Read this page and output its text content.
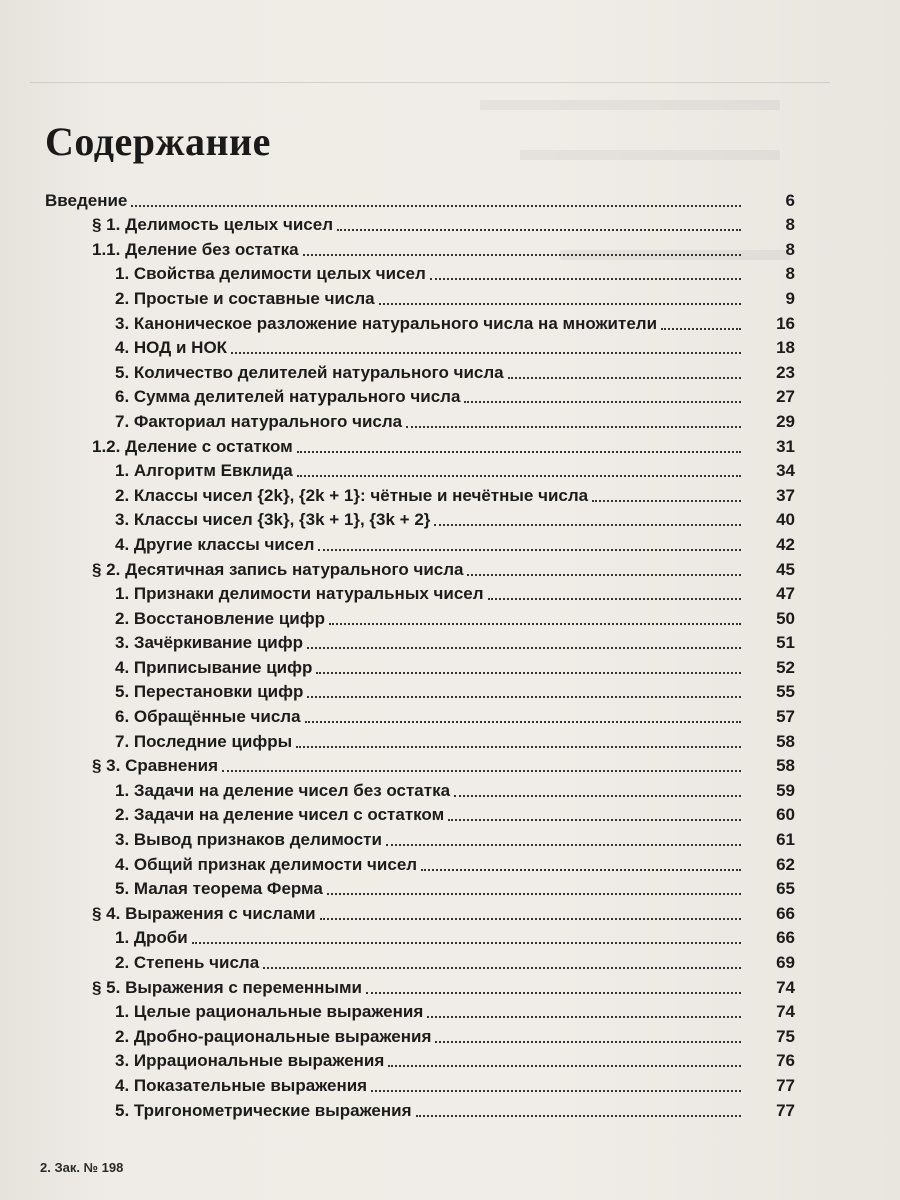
Содержание
Введение	6
§ 1. Делимость целых чисел	8
1.1. Деление без остатка	8
1. Свойства делимости целых чисел	8
2. Простые и составные числа	9
3. Каноническое разложение натурального числа на множители	16
4. НОД и НОК	18
5. Количество делителей натурального числа	23
6. Сумма делителей натурального числа	27
7. Факториал натурального числа	29
1.2. Деление с остатком	31
1. Алгоритм Евклида	34
2. Классы чисел {2k}, {2k + 1}: чётные и нечётные числа	37
3. Классы чисел {3k}, {3k + 1}, {3k + 2}	40
4. Другие классы чисел	42
§ 2. Десятичная запись натурального числа	45
1. Признаки делимости натуральных чисел	47
2. Восстановление цифр	50
3. Зачёркивание цифр	51
4. Приписывание цифр	52
5. Перестановки цифр	55
6. Обращённые числа	57
7. Последние цифры	58
§ 3. Сравнения	58
1. Задачи на деление чисел без остатка	59
2. Задачи на деление чисел с остатком	60
3. Вывод признаков делимости	61
4. Общий признак делимости чисел	62
5. Малая теорема Ферма	65
§ 4. Выражения с числами	66
1. Дроби	66
2. Степень числа	69
§ 5. Выражения с переменными	74
1. Целые рациональные выражения	74
2. Дробно-рациональные выражения	75
3. Иррациональные выражения	76
4. Показательные выражения	77
5. Тригонометрические выражения	77
2. Зак. № 198
